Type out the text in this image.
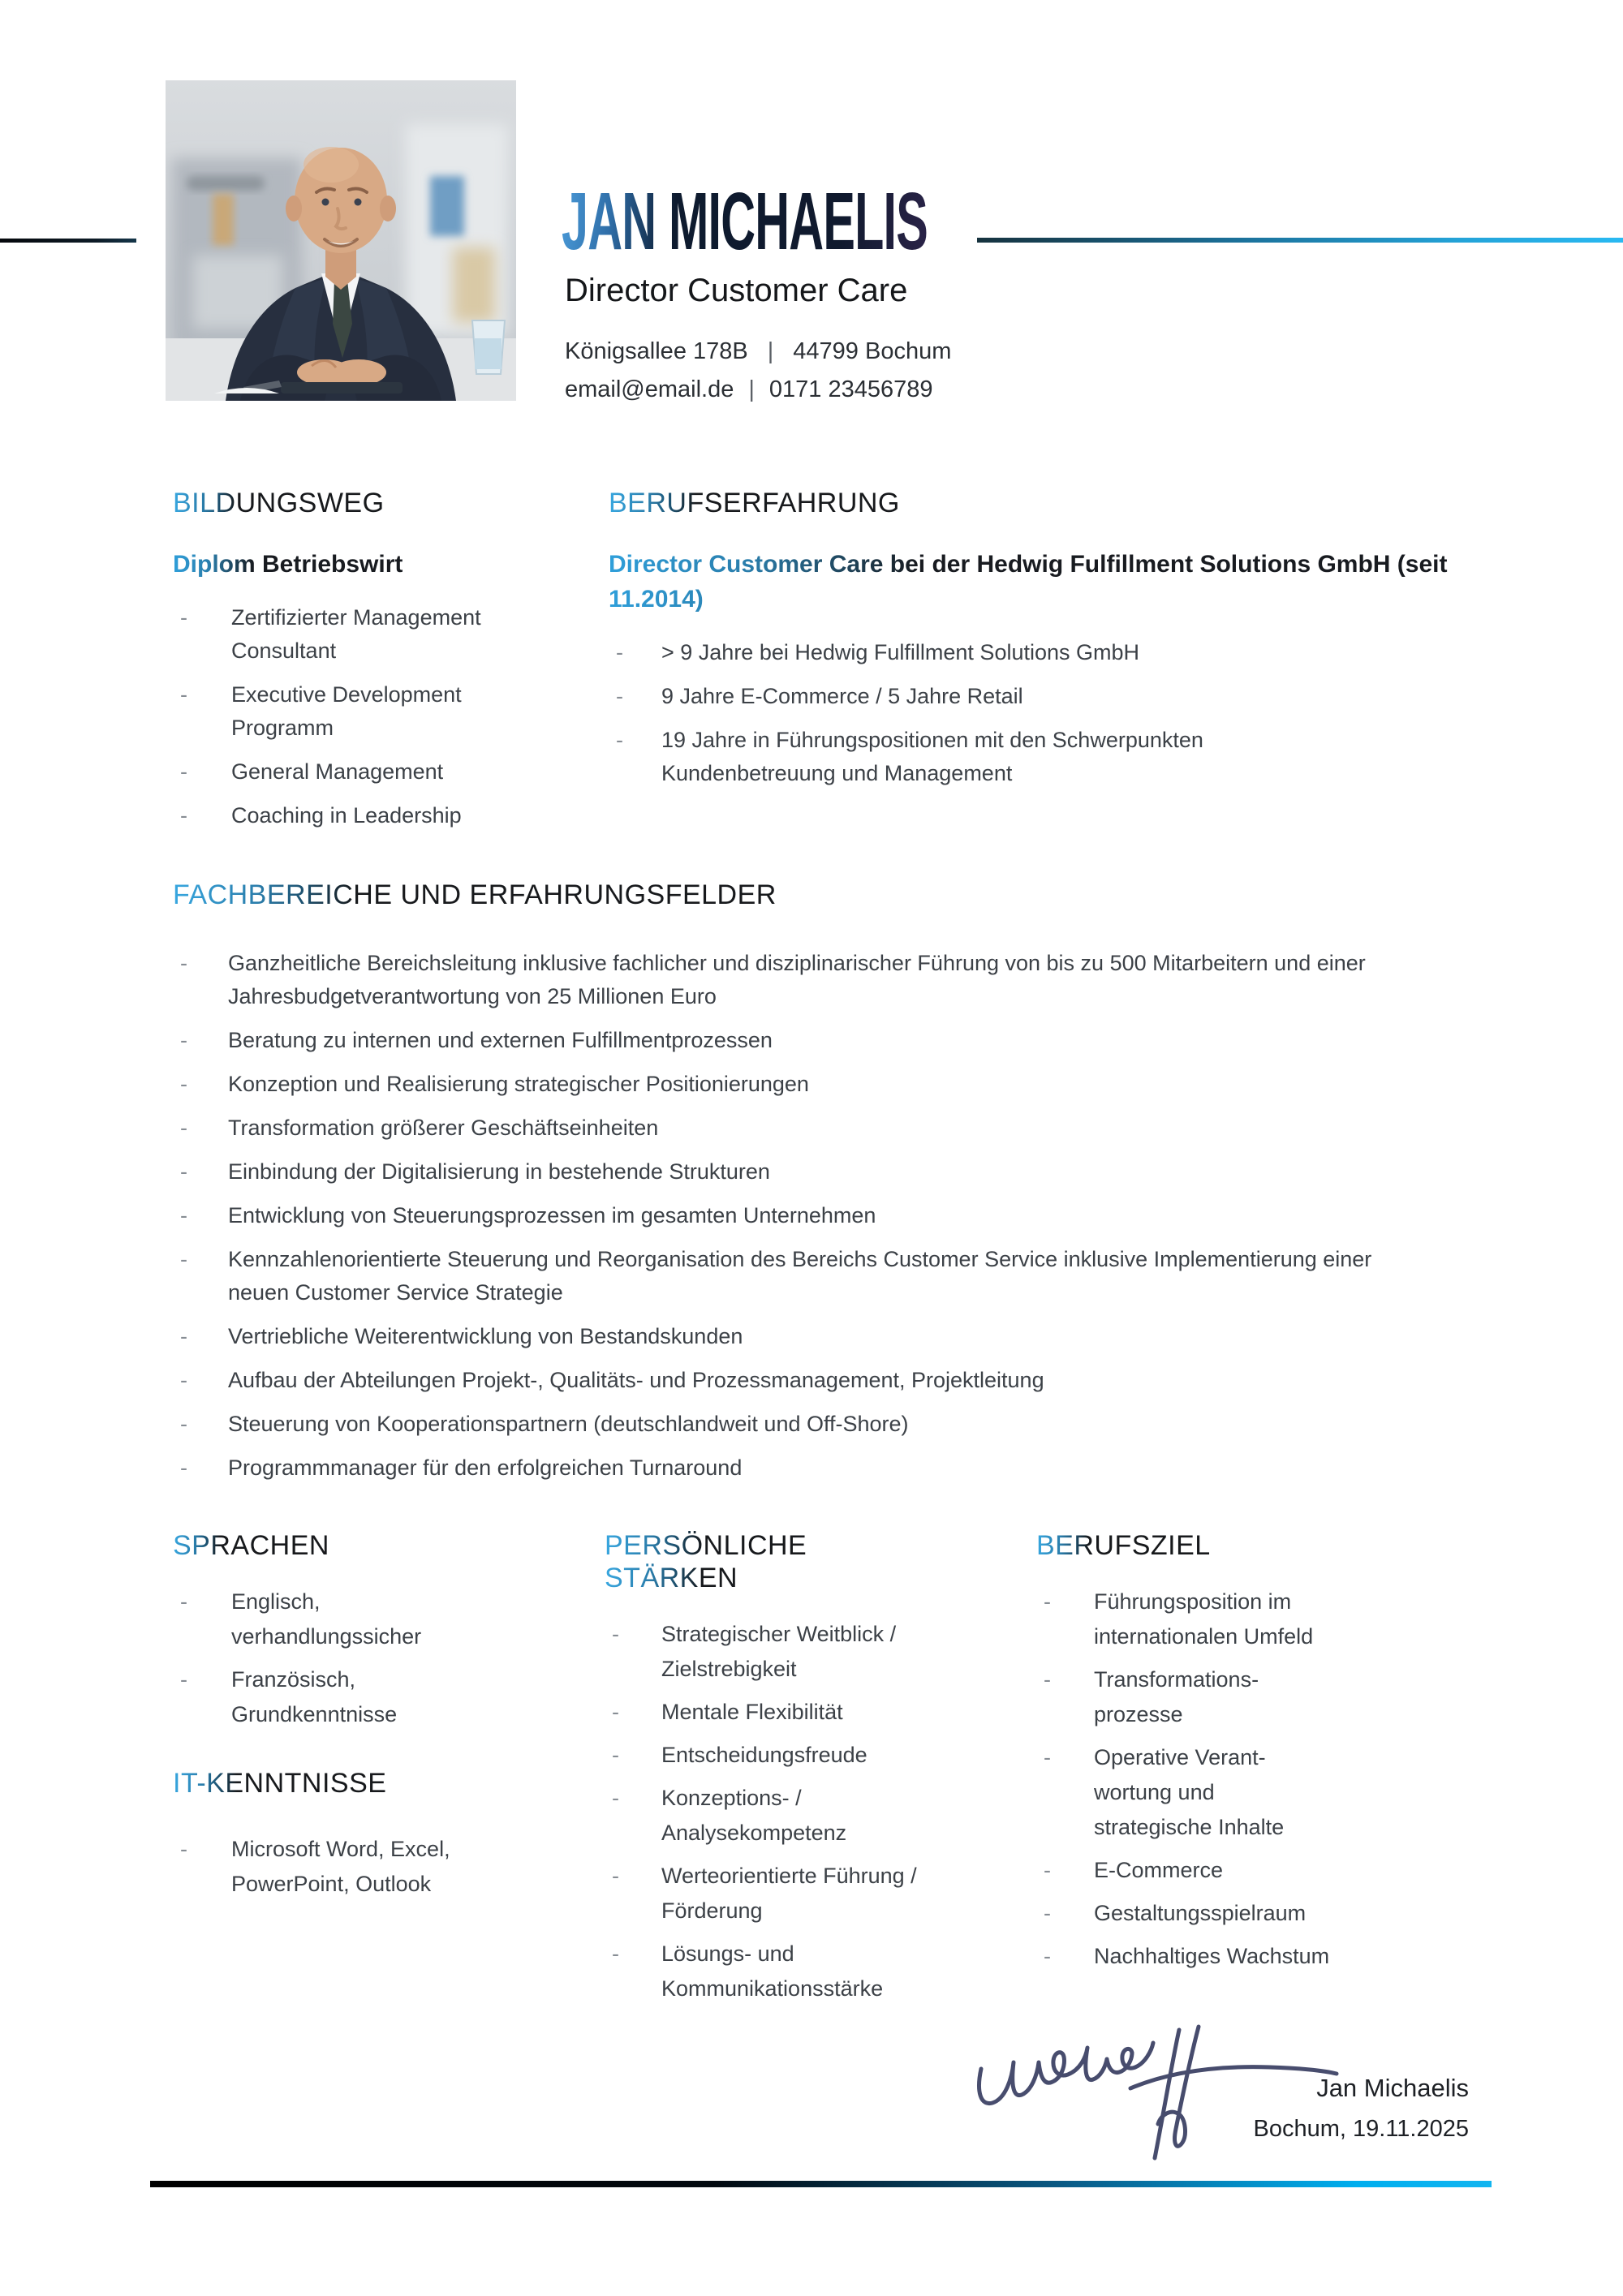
JAN MICHAELIS
Director Customer Care
Königsallee 178B | 44799 Bochum
email@email.de | 0171 23456789
BILDUNGSWEG
Diplom Betriebswirt
- Zertifizierter Management Consultant
- Executive Development Programm
- General Management
- Coaching in Leadership
BERUFSERFAHRUNG
Director Customer Care bei der Hedwig Fulfillment Solutions GmbH (seit 11.2014)
- > 9 Jahre bei Hedwig Fulfillment Solutions GmbH
- 9 Jahre E-Commerce / 5 Jahre Retail
- 19 Jahre in Führungspositionen mit den Schwerpunkten Kundenbetreuung und Management
FACHBEREICHE UND ERFAHRUNGSFELDER
- Ganzheitliche Bereichsleitung inklusive fachlicher und disziplinarischer Führung von bis zu 500 Mitarbeitern und einer Jahresbudgetverantwortung von 25 Millionen Euro
- Beratung zu internen und externen Fulfillmentprozessen
- Konzeption und Realisierung strategischer Positionierungen
- Transformation größerer Geschäftseinheiten
- Einbindung der Digitalisierung in bestehende Strukturen
- Entwicklung von Steuerungsprozessen im gesamten Unternehmen
- Kennzahlenorientierte Steuerung und Reorganisation des Bereichs Customer Service inklusive Implementierung einer neuen Customer Service Strategie
- Vertriebliche Weiterentwicklung von Bestandskunden
- Aufbau der Abteilungen Projekt-, Qualitäts- und Prozessmanagement, Projektleitung
- Steuerung von Kooperationspartnern (deutschlandweit und Off-Shore)
- Programmmanager für den erfolgreichen Turnaround
SPRACHEN
- Englisch, verhandlungssicher
- Französisch, Grundkenntnisse
IT-KENNTNISSE
- Microsoft Word, Excel, PowerPoint, Outlook
PERSÖNLICHE STÄRKEN
- Strategischer Weitblick / Zielstrebigkeit
- Mentale Flexibilität
- Entscheidungsfreude
- Konzeptions- / Analysekompetenz
- Werteorientierte Führung / Förderung
- Lösungs- und Kommunikationsstärke
BERUFSZIEL
- Führungsposition im internationalen Umfeld
- Transformations-prozesse
- Operative Verant-wortung und strategische Inhalte
- E-Commerce
- Gestaltungsspielraum
- Nachhaltiges Wachstum
Jan Michaelis
Bochum, 19.11.2025
